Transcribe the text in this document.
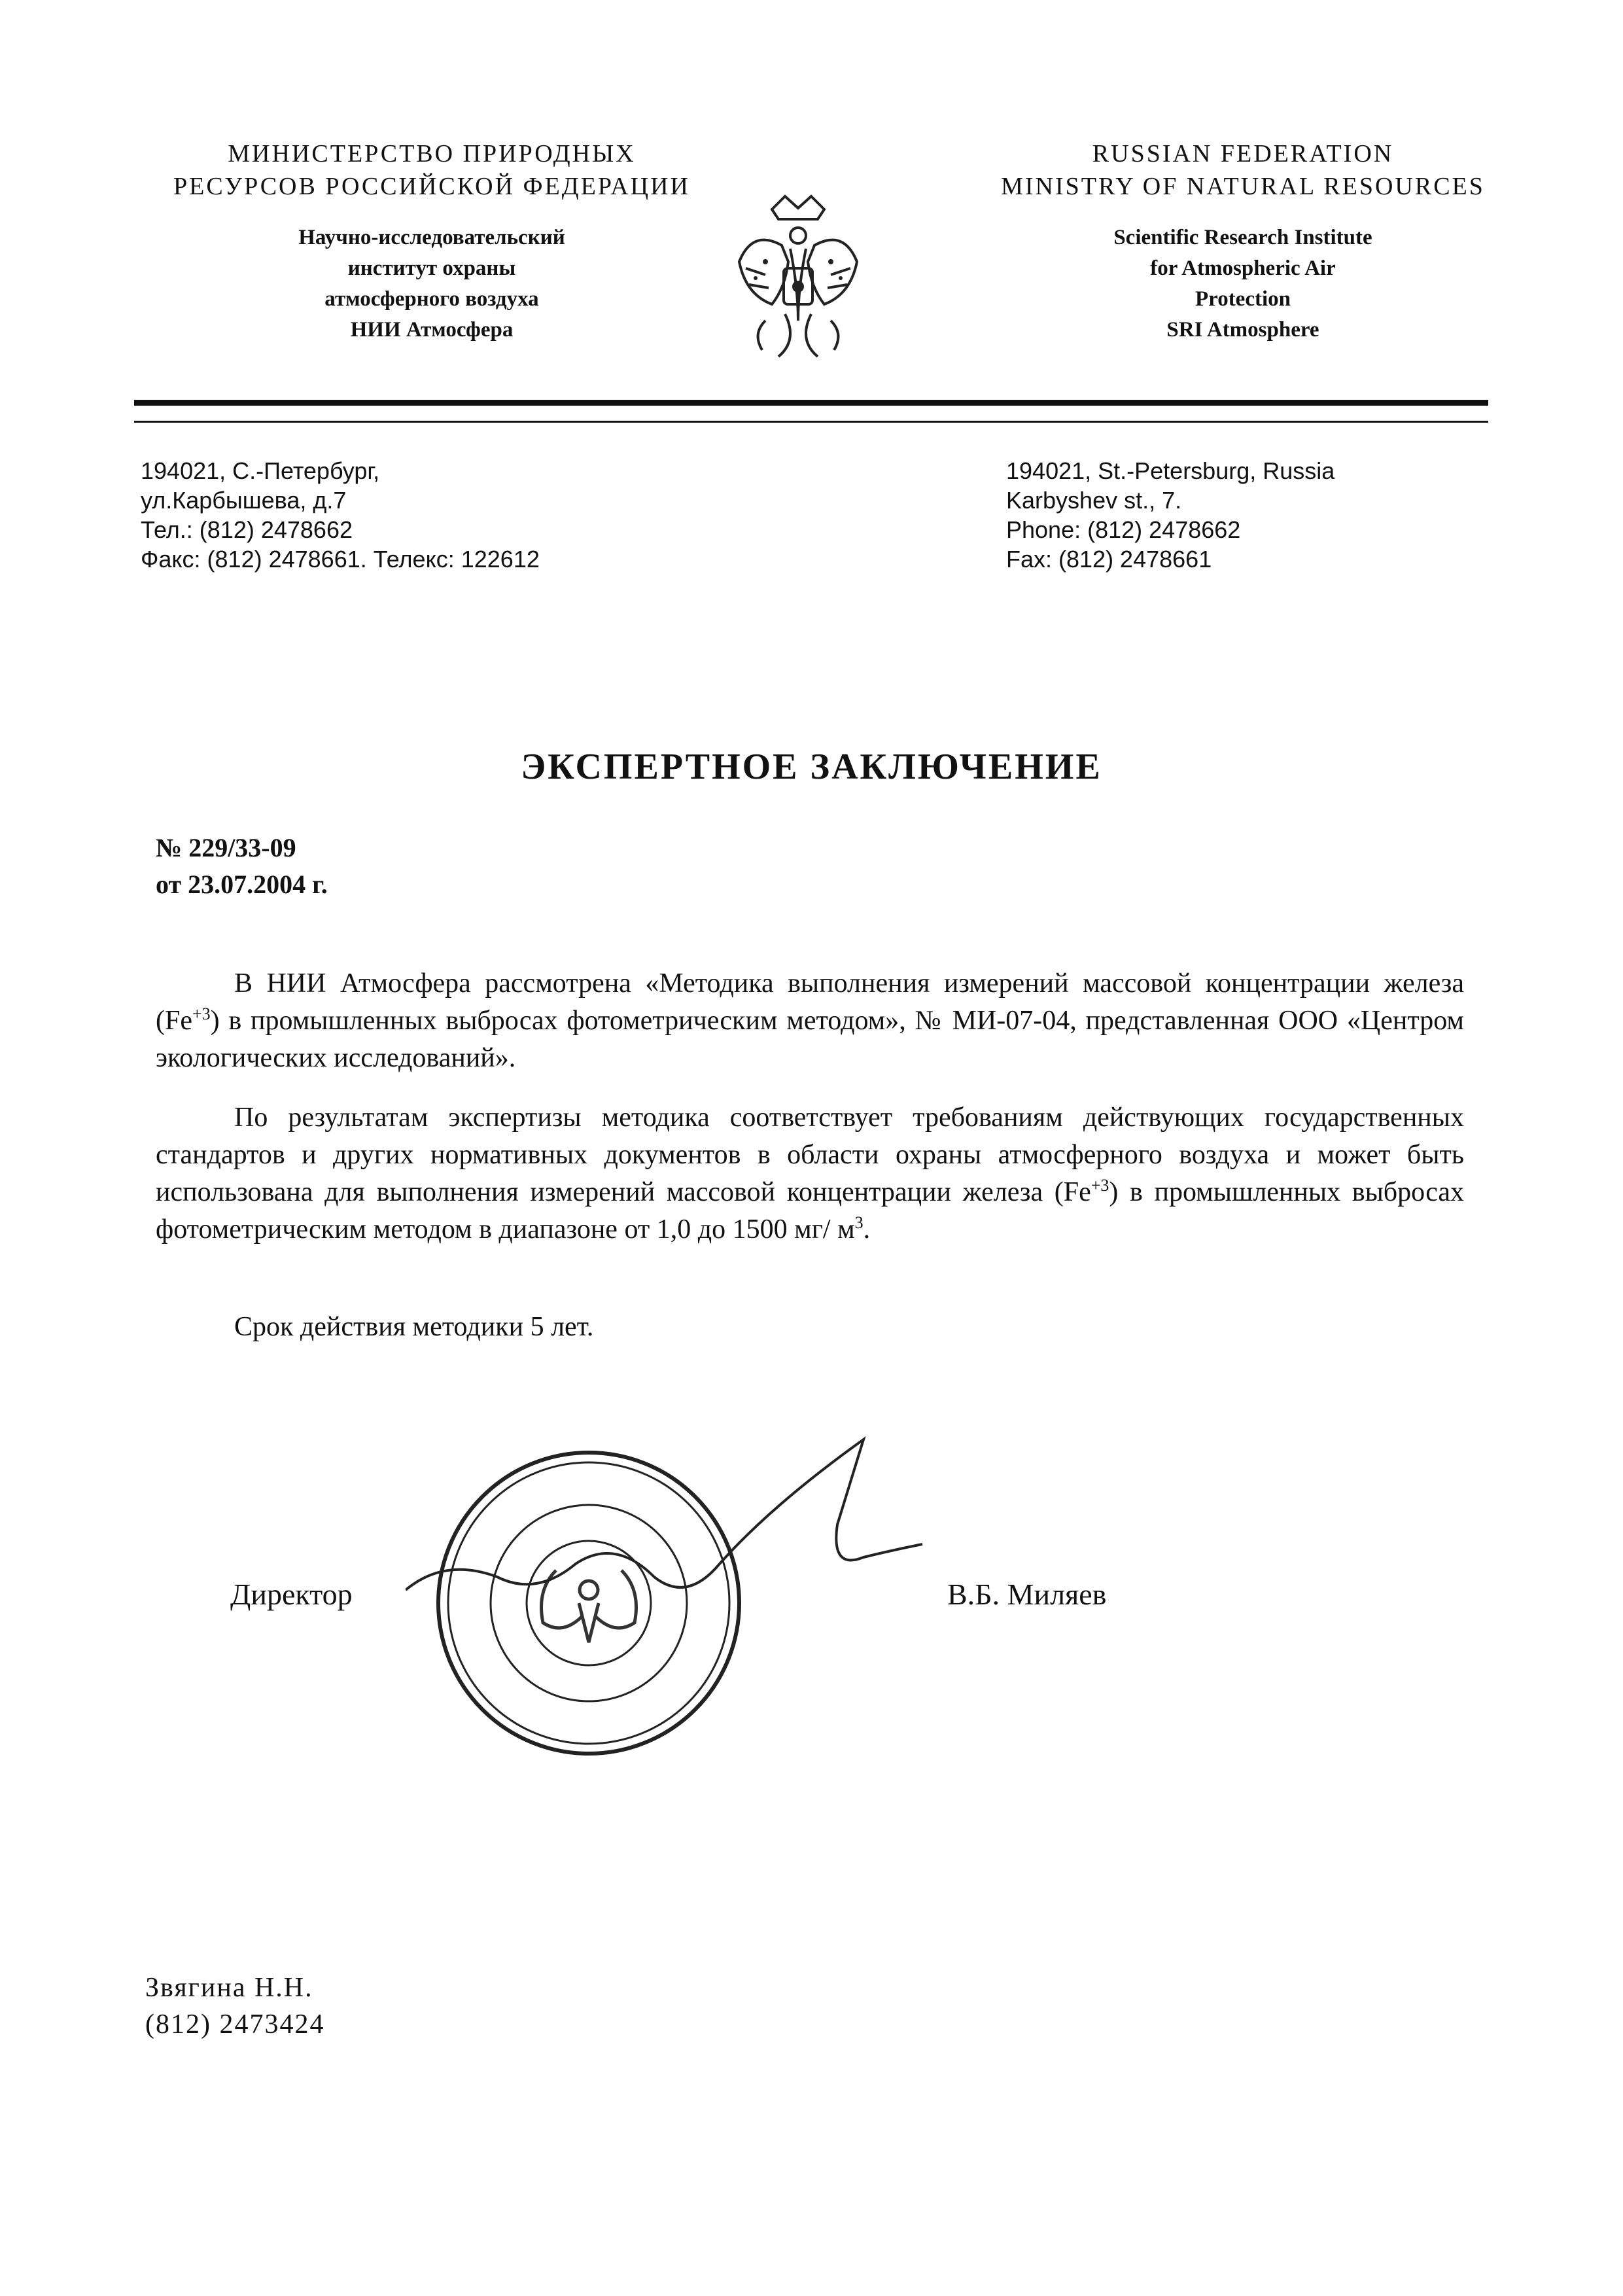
МИНИСТЕРСТВО ПРИРОДНЫХ
РЕСУРСОВ РОССИЙСКОЙ ФЕДЕРАЦИИ
Научно-исследовательский
институт охраны
атмосферного воздуха
НИИ Атмосфера
RUSSIAN FEDERATION
MINISTRY OF NATURAL RESOURCES
Scientific Research Institute
for Atmospheric Air
Protection
SRI Atmosphere
194021, С.-Петербург,
ул.Карбышева, д.7
Тел.: (812) 2478662
Факс: (812) 2478661. Телекс: 122612
194021, St.-Petersburg, Russia
Karbyshev st., 7.
Phone: (812) 2478662
Fax: (812) 2478661
ЭКСПЕРТНОЕ ЗАКЛЮЧЕНИЕ
№ 229/33-09
от 23.07.2004 г.
В НИИ Атмосфера рассмотрена «Методика выполнения измерений массовой концентрации железа $(Fe^{+3})$ в промышленных выбросах фотометрическим методом», № МИ-07-04, представленная ООО «Центром экологических исследований».
По результатам экспертизы методика соответствует требованиям действующих государственных стандартов и других нормативных документов в области охраны атмосферного воздуха и может быть использована для выполнения измерений массовой концентрации железа $(Fe^{+3})$ в промышленных выбросах фотометрическим методом в диапазоне от 1,0 до 1500 мг/ $м^3$.
Срок действия методики 5 лет.
Директор	В.Б. Миляев
Звягина Н.Н.
(812) 2473424
